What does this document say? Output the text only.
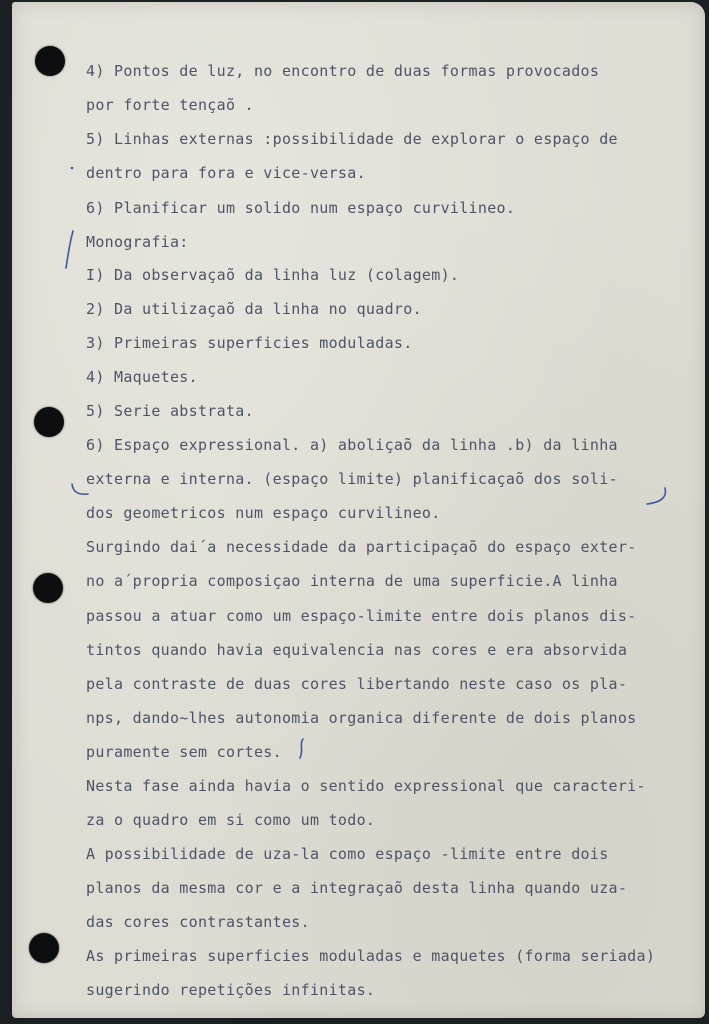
4) Pontos de luz, no encontro de duas formas provocados

por forte tençaõ .

5) Linhas externas :possibilidade de explorar o espaço de

dentro para fora e vice-versa.

6) Planificar um solido num espaço curvilineo.

Monografia:

I) Da observaçaõ da linha luz (colagem).

2) Da utilizaçaõ da linha no quadro.

3) Primeiras superficies moduladas.

4) Maquetes.

5) Serie abstrata.

6) Espaço expressional. a) aboliçaõ da linha .b) da linha

externa e interna. (espaço limite) planificaçaõ dos soli-

dos geometricos num espaço curvilineo.

Surgindo dai´a necessidade da participaçaõ do espaço exter-

no a´propria composiçao interna de uma superficie.A linha

passou a atuar como um espaço-limite entre dois planos dis-

tintos quando havia equivalencia nas cores e era absorvida

pela contraste de duas cores libertando neste caso os pla-

nps, dando~lhes autonomia organica diferente de dois planos

puramente sem cortes.

Nesta fase ainda havia o sentido expressional que caracteri-

za o quadro em si como um todo.

A possibilidade de uza-la como espaço -limite entre dois

planos da mesma cor e a integraçaõ desta linha quando uza-

das cores contrastantes.

As primeiras superficies moduladas e maquetes (forma seriada)

sugerindo repetições infinitas.
